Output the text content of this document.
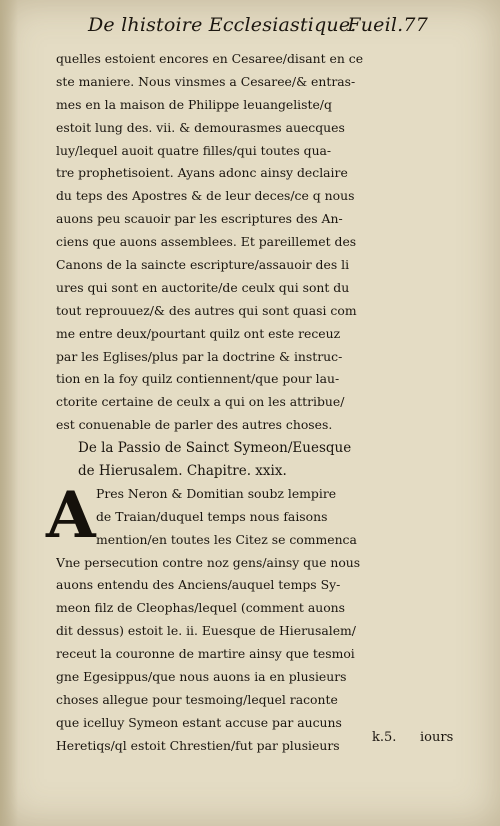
De lhistoire Ecclesiastique.
Fueil.77
quelles estoient encores en Cesaree/disant en ce
ste maniere. Nous vinsmes a Cesaree/& entras-
mes en la maison de Philippe leuangeliste/q
estoit lung des. vii. & demourasmes auecques
luy/lequel auoit quatre filles/qui toutes qua-
tre prophetisoient. Ayans adonc ainsy declaire
du teps des Apostres & de leur deces/ce q nous
auons peu scauoir par les escriptures des An-
ciens que auons assemblees. Et pareillemet des
Canons de la saincte escripture/assauoir des li
ures qui sont en auctorite/de ceulx qui sont du
tout reprouuez/& des autres qui sont quasi com
me entre deux/pourtant quilz ont este receuz
par les Eglises/plus par la doctrine & instruc-
tion en la foy quilz contiennent/que pour lau-
ctorite certaine de ceulx a qui on les attribue/
est conuenable de parler des autres choses.
De la Passio de Sainct Symeon/Euesque
de Hierusalem. Chapitre. xxix.
A Pres Neron & Domitian soubz lempire
de Traian/duquel temps nous faisons
mention/en toutes les Citez se commenca
Vne persecution contre noz gens/ainsy que nous
auons entendu des Anciens/auquel temps Sy-
meon filz de Cleophas/lequel (comment auons
dit dessus) estoit le. ii. Euesque de Hierusalem/
receut la couronne de martire ainsy que tesmoi
gne Egesippus/que nous auons ia en plusieurs
choses allegue pour tesmoing/lequel raconte
que icelluy Symeon estant accuse par aucuns
Heretiqs/ql estoit Chrestien/fut par plusieurs
k.5. iours
